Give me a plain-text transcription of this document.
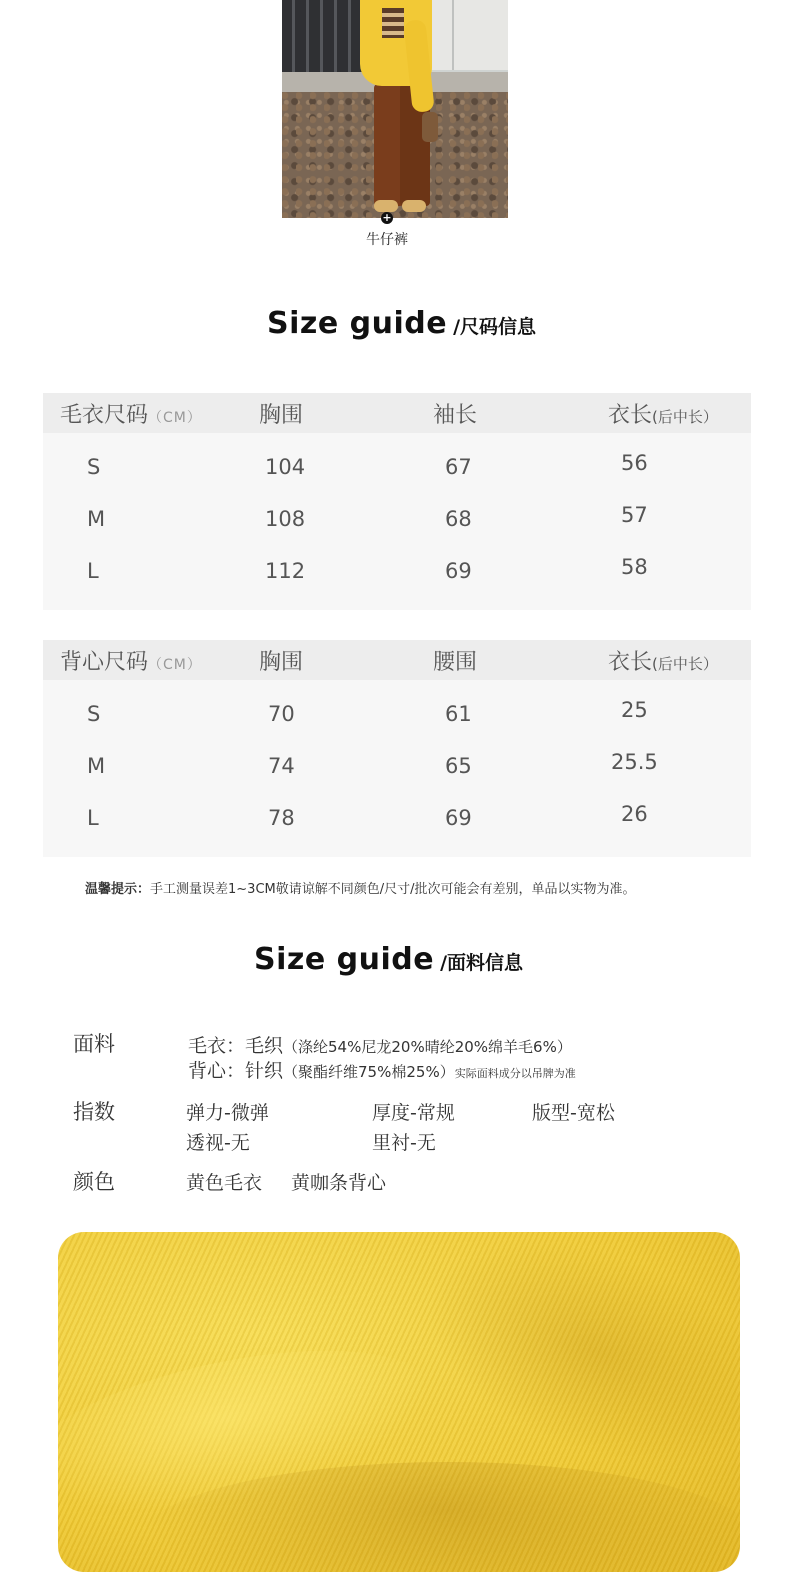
+
牛仔裤
Size guide /尺码信息
毛衣尺码（CM）	胸围	袖长	衣长(后中长）
S	104	67	56
M	108	68	57
L	112	69	58
背心尺码（CM）	胸围	腰围	衣长(后中长）
S	70	61	25
M	74	65	25.5
L	78	69	26
温馨提示：手工测量误差1~3CM敬请谅解不同颜色/尺寸/批次可能会有差别，单品以实物为准。
Size guide /面料信息
面料	毛衣：毛织（涤纶54%尼龙20%晴纶20%绵羊毛6%）
背心：针织（聚酯纤维75%棉25%）实际面料成分以吊牌为准
指数	弹力-微弹	厚度-常规	版型-宽松
透视-无	里衬-无
颜色	黄色毛衣 黄咖条背心
